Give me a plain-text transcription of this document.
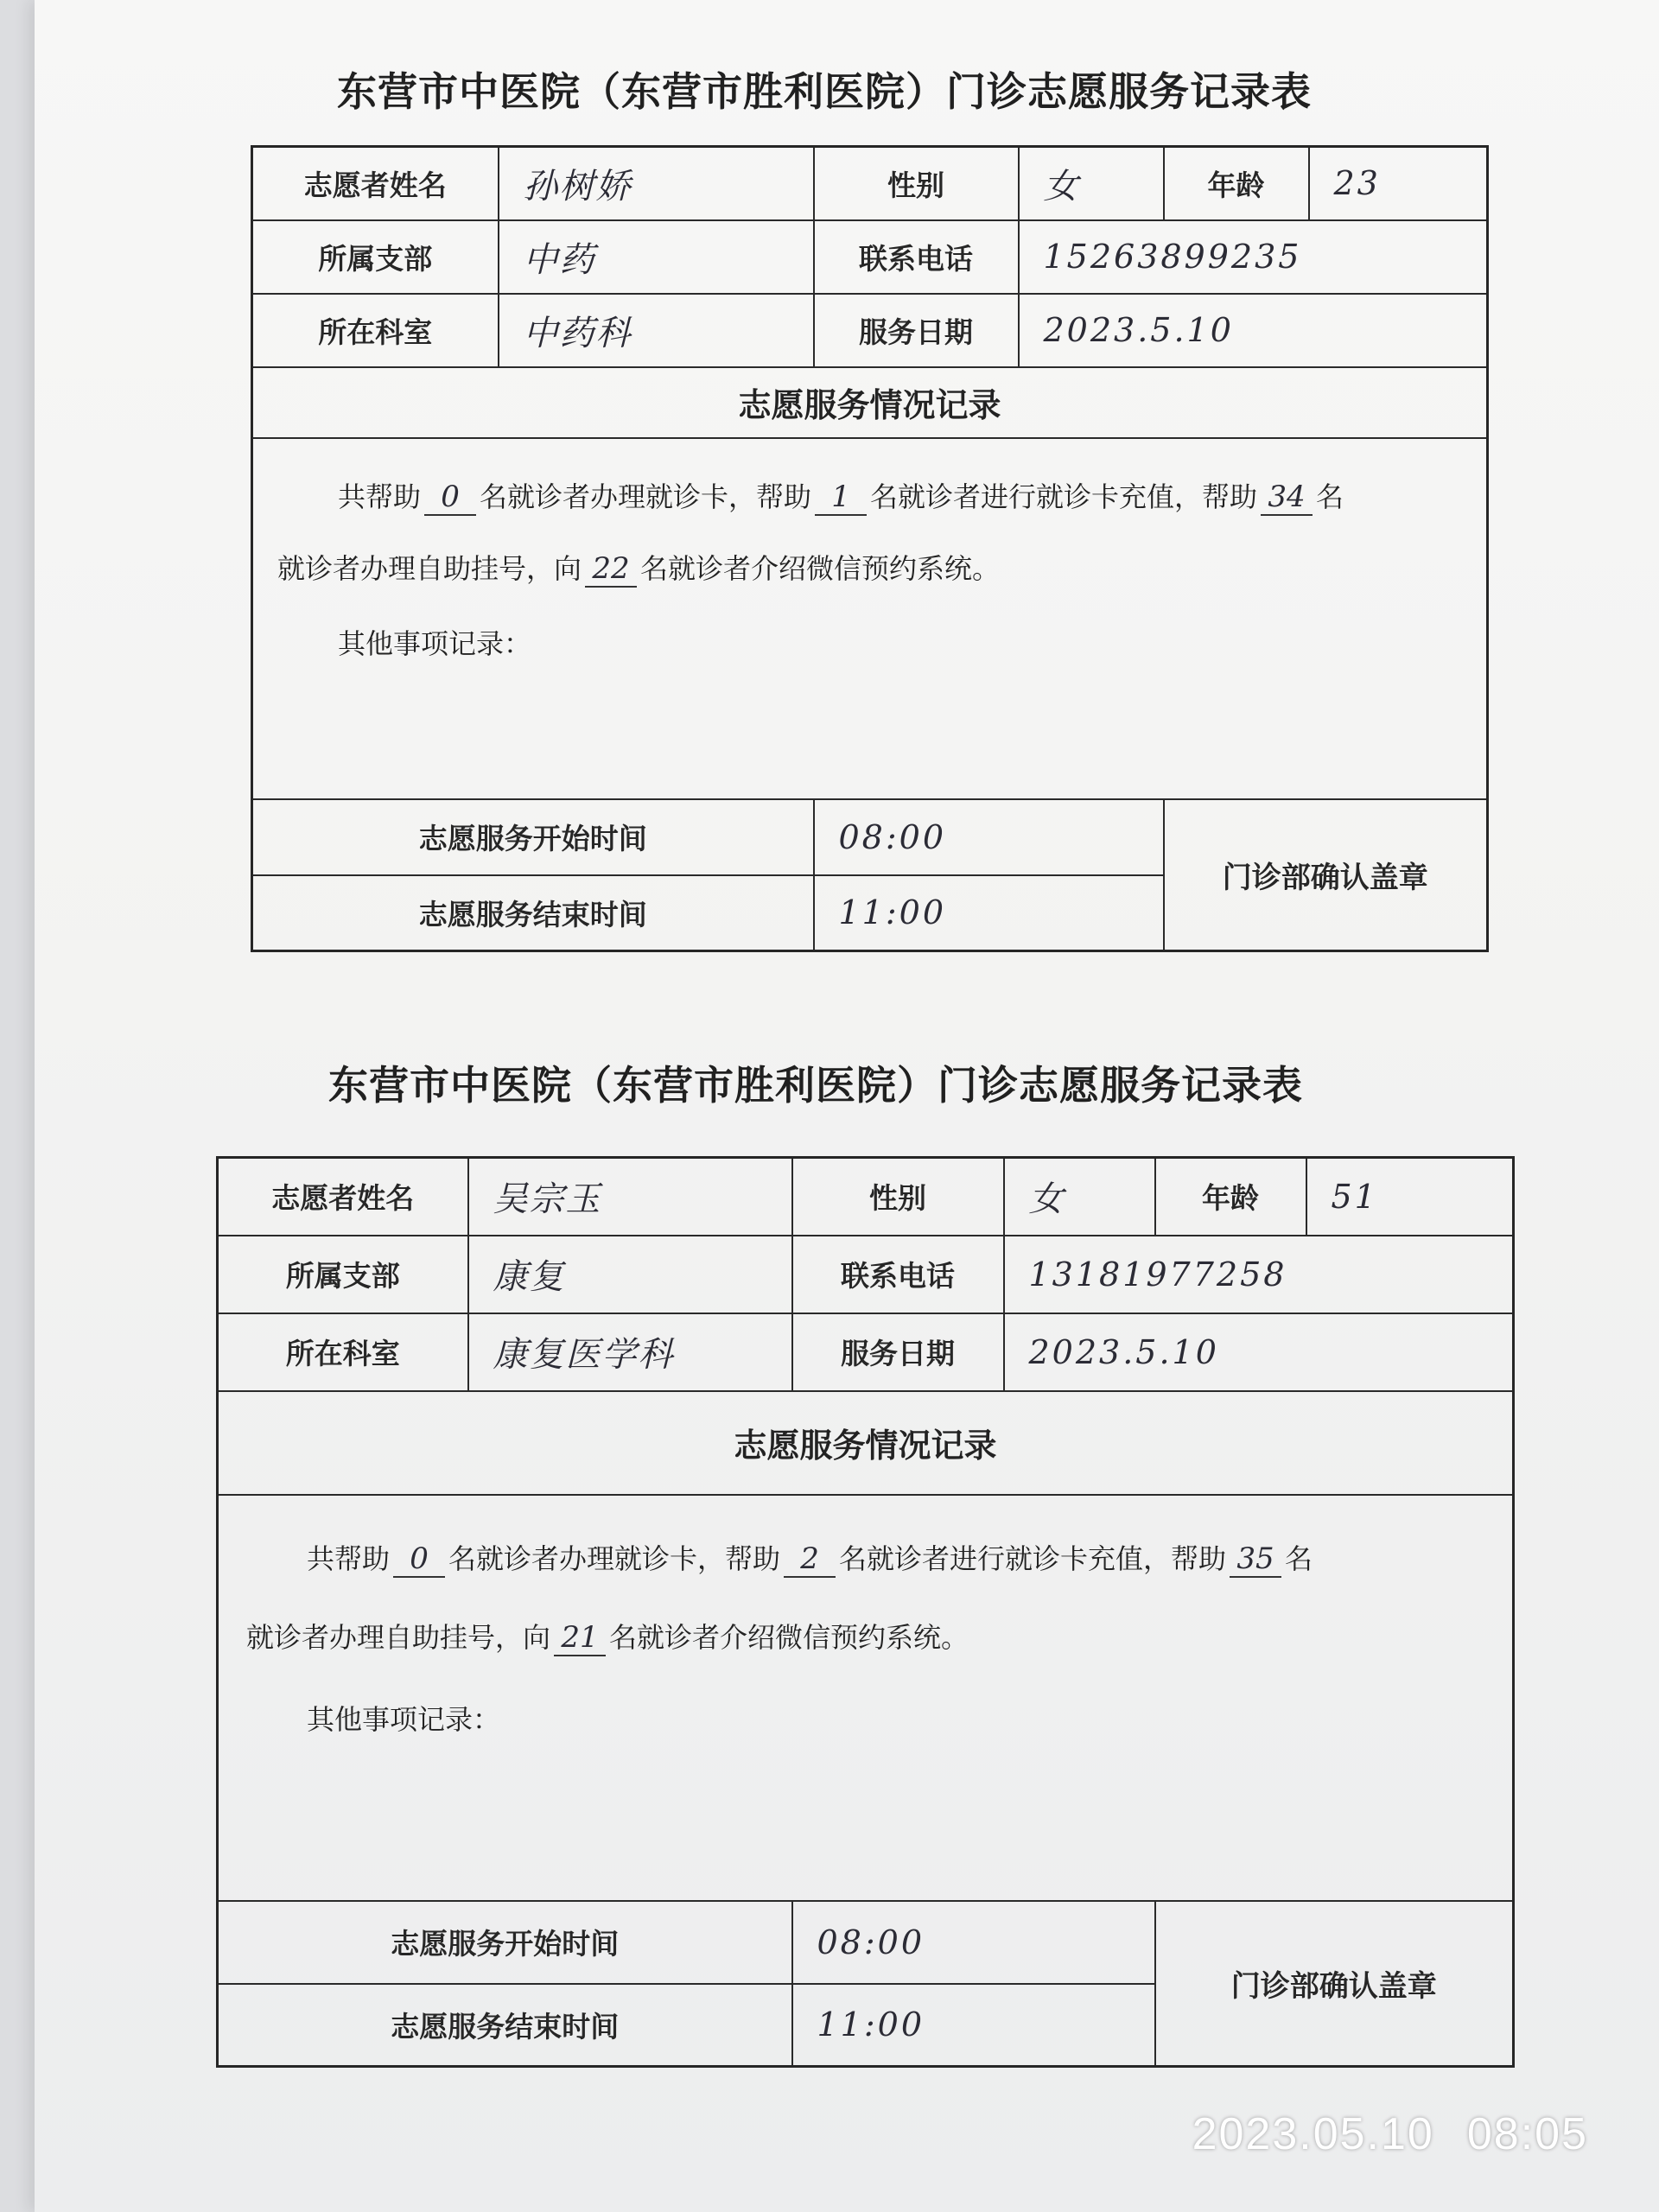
东营市中医院（东营市胜利医院）门诊志愿服务记录表
志愿者姓名	孙树娇	性别	女	年龄	23
所属支部	中药	联系电话	15263899235		
所在科室	中药科	服务日期	2023.5.10		
志愿服务情况记录					

共帮助 0 名就诊者办理就诊卡，帮助 1 名就诊者进行就诊卡充值，帮助 34 名

就诊者办理自助挂号，向 22 名就诊者介绍微信预约系统。

其他事项记录：					

志愿服务开始时间		08:00		门诊部确认盖章	
志愿服务结束时间		11:00			
东营市中医院（东营市胜利医院）门诊志愿服务记录表
志愿者姓名	吴宗玉	性别	女	年龄	51
所属支部	康复	联系电话	13181977258		
所在科室	康复医学科	服务日期	2023.5.10		
志愿服务情况记录					

共帮助 0 名就诊者办理就诊卡，帮助 2 名就诊者进行就诊卡充值，帮助 35 名

就诊者办理自助挂号，向 21 名就诊者介绍微信预约系统。

其他事项记录：					

志愿服务开始时间		08:00		门诊部确认盖章	
志愿服务结束时间		11:00			
2023.05.10 08:05
